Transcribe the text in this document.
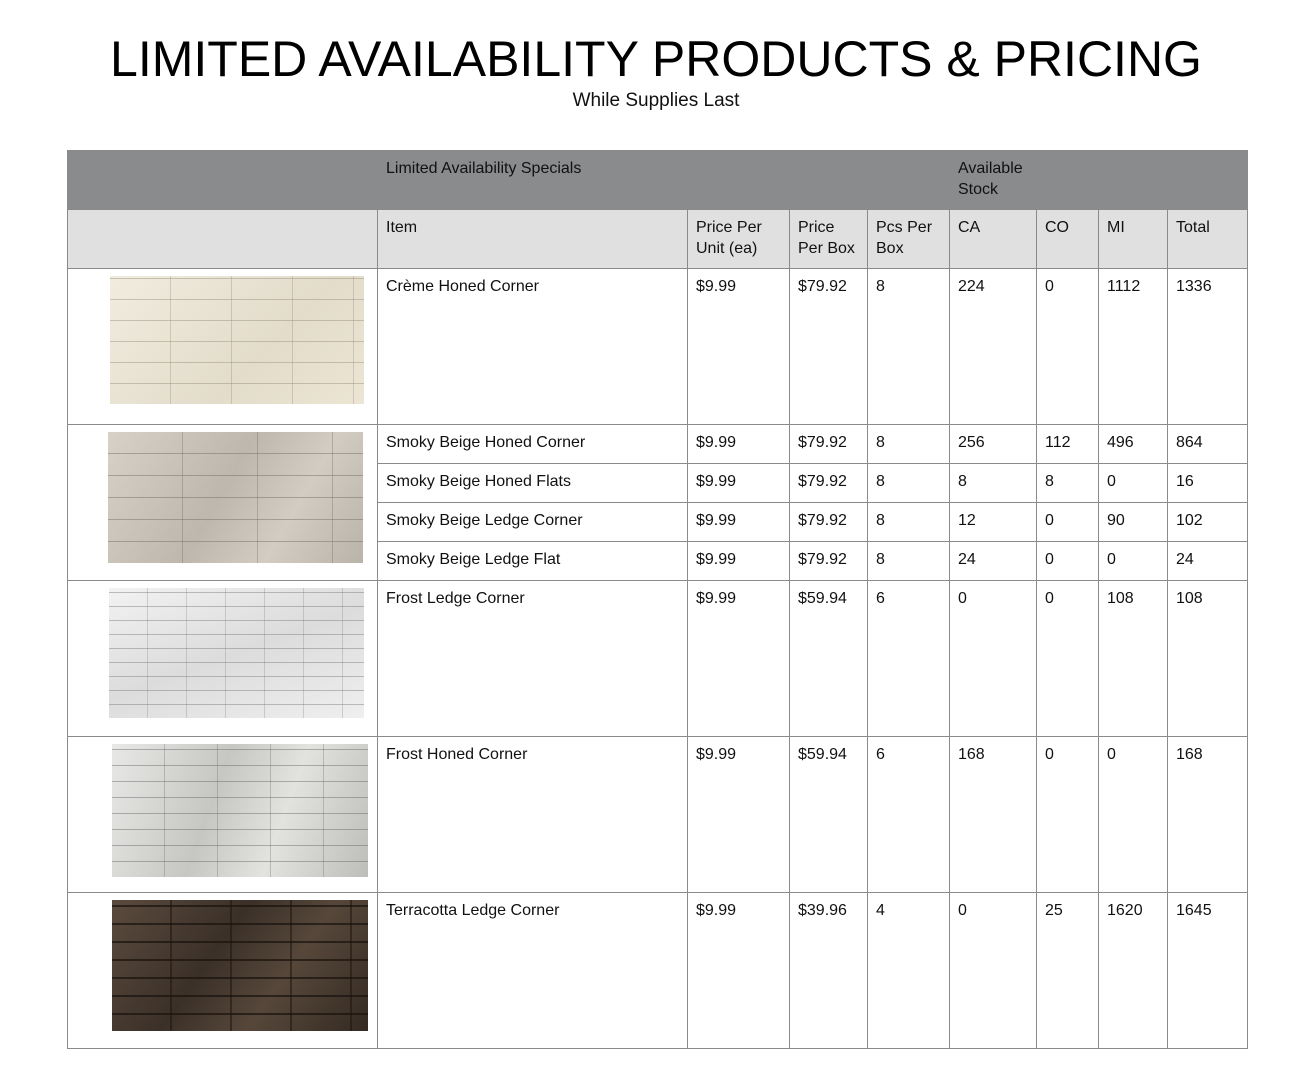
LIMITED AVAILABILITY PRODUCTS & PRICING
While Supplies Last
	Limited Availability Specials				Available Stock			
	Item	Price Per Unit (ea)	Price Per Box	Pcs Per Box	CA	CO	MI	Total

	Crème Honed Corner	$9.99	$79.92	8	224	0	1112	1336

	Smoky Beige Honed Corner	$9.99	$79.92	8	256	112	496	864
	Smoky Beige Honed Flats	$9.99	$79.92	8	8	8	0	16
	Smoky Beige Ledge Corner	$9.99	$79.92	8	12	0	90	102
	Smoky Beige Ledge Flat	$9.99	$79.92	8	24	0	0	24

	Frost Ledge Corner	$9.99	$59.94	6	0	0	108	108

	Frost Honed Corner	$9.99	$59.94	6	168	0	0	168

	Terracotta Ledge Corner	$9.99	$39.96	4	0	25	1620	1645
